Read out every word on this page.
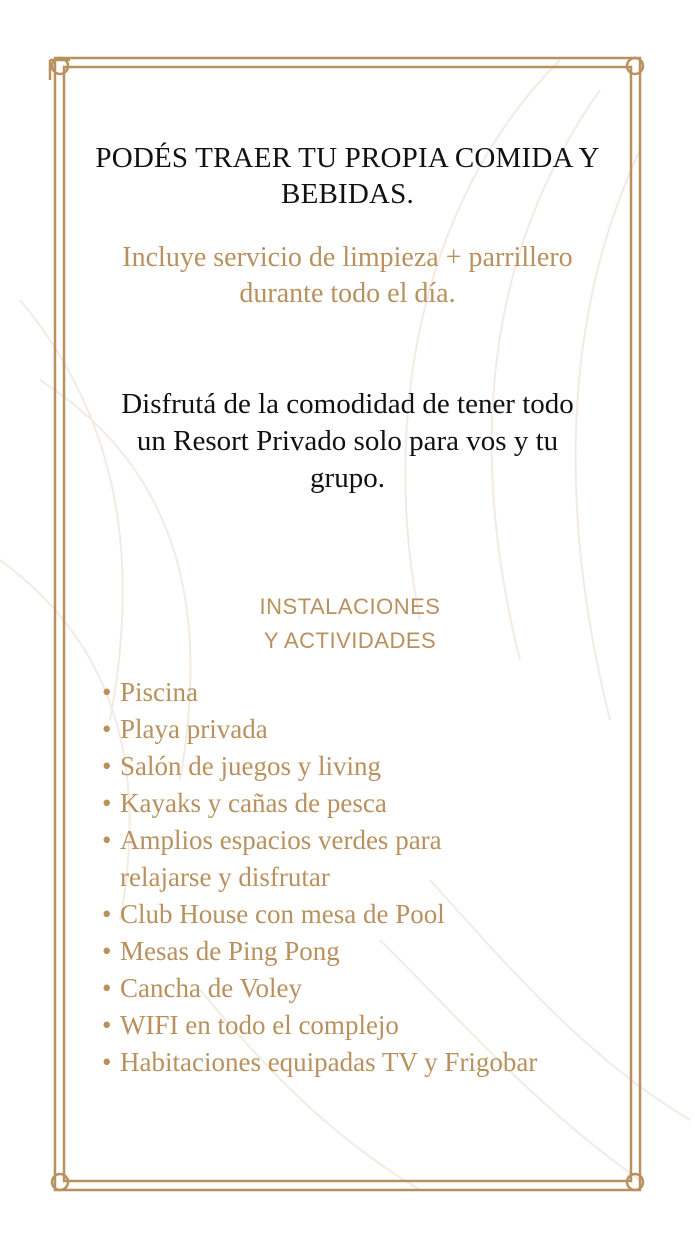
PODÉS TRAER TU PROPIA COMIDA Y
BEBIDAS.
Incluye servicio de limpieza + parrillero
durante todo el día.
Disfrutá de la comodidad de tener todo
un Resort Privado solo para vos y tu
grupo.
INSTALACIONES
Y ACTIVIDADES
• Piscina
• Playa privada
• Salón de juegos y living
• Kayaks y cañas de pesca
• Amplios espacios verdes para relajarse y disfrutar
• Club House con mesa de Pool
• Mesas de Ping Pong
• Cancha de Voley
• WIFI en todo el complejo
• Habitaciones equipadas TV y Frigobar
